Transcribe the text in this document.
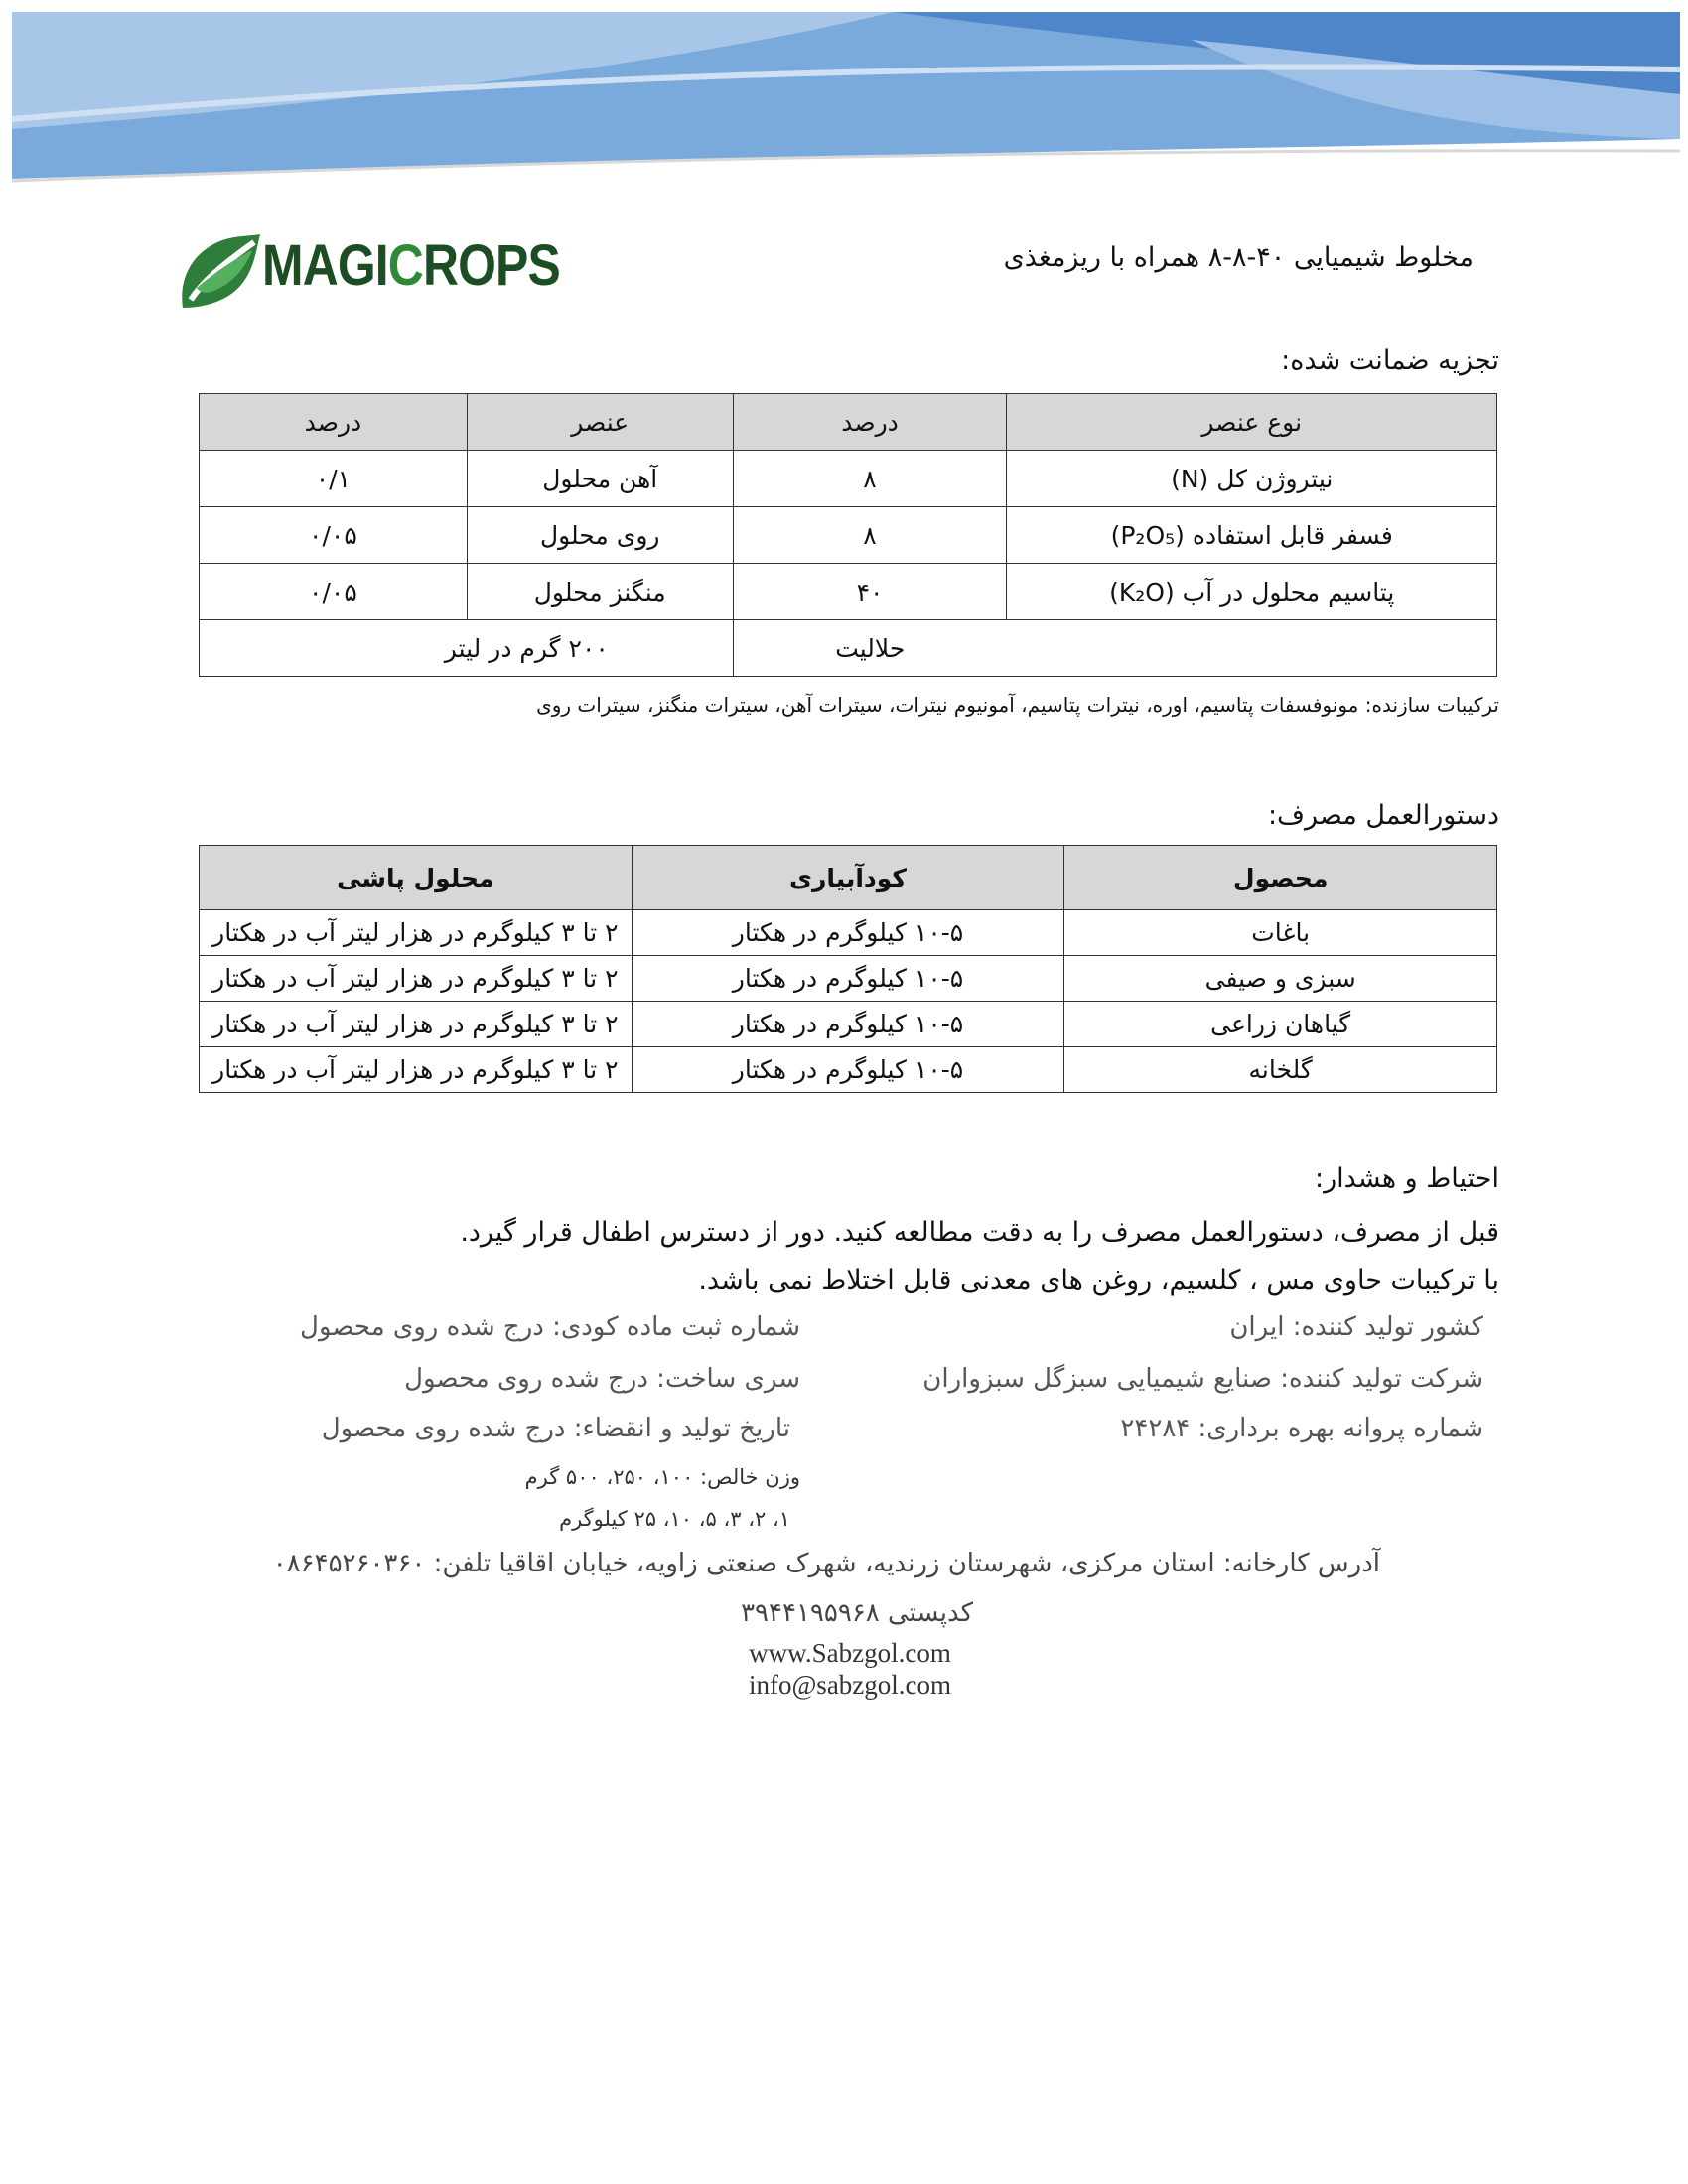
MAGICROPS	مخلوط شیمیایی ۴۰-۸-۸ همراه با ریزمغذی
تجزیه ضمانت شده:
نوع عنصر	درصد	عنصر	درصد
نیتروژن کل (N)	۸	آهن محلول	۰/۱
فسفر قابل استفاده (P₂O₅)	۸	روی محلول	۰/۰۵
پتاسیم محلول در آب (K₂O)	۴۰	منگنز محلول	۰/۰۵
	حلالیت	۲۰۰ گرم در لیتر	
ترکیبات سازنده: مونوفسفات پتاسیم، اوره، نیترات پتاسیم، آمونیوم نیترات، سیترات آهن، سیترات منگنز، سیترات روی
دستورالعمل مصرف:
محصول	کودآبیاری	محلول پاشی
باغات	۱۰-۵ کیلوگرم در هکتار	۲ تا ۳ کیلوگرم در هزار لیتر آب در هکتار
سبزی و صیفی	۱۰-۵ کیلوگرم در هکتار	۲ تا ۳ کیلوگرم در هزار لیتر آب در هکتار
گیاهان زراعی	۱۰-۵ کیلوگرم در هکتار	۲ تا ۳ کیلوگرم در هزار لیتر آب در هکتار
گلخانه	۱۰-۵ کیلوگرم در هکتار	۲ تا ۳ کیلوگرم در هزار لیتر آب در هکتار
احتیاط و هشدار:
قبل از مصرف، دستورالعمل مصرف را به دقت مطالعه کنید. دور از دسترس اطفال قرار گیرد.
با ترکیبات حاوی مس ، کلسیم، روغن های معدنی قابل اختلاط نمی باشد.
کشور تولید کننده: ایران
شرکت تولید کننده: صنایع شیمیایی سبزگل سبزواران
شماره پروانه بهره برداری: ۲۴۲۸۴
شماره ثبت ماده کودی: درج شده روی محصول
سری ساخت: درج شده روی محصول
تاریخ تولید و انقضاء: درج شده روی محصول
وزن خالص: ۱۰۰، ۲۵۰، ۵۰۰ گرم
۱، ۲، ۳، ۵، ۱۰، ۲۵ کیلوگرم
آدرس کارخانه: استان مرکزی، شهرستان زرندیه، شهرک صنعتی زاویه، خیابان اقاقیا تلفن: ۰۸۶۴۵۲۶۰۳۶۰
کدپستی ۳۹۴۴۱۹۵۹۶۸
www.Sabzgol.com
info@sabzgol.com
